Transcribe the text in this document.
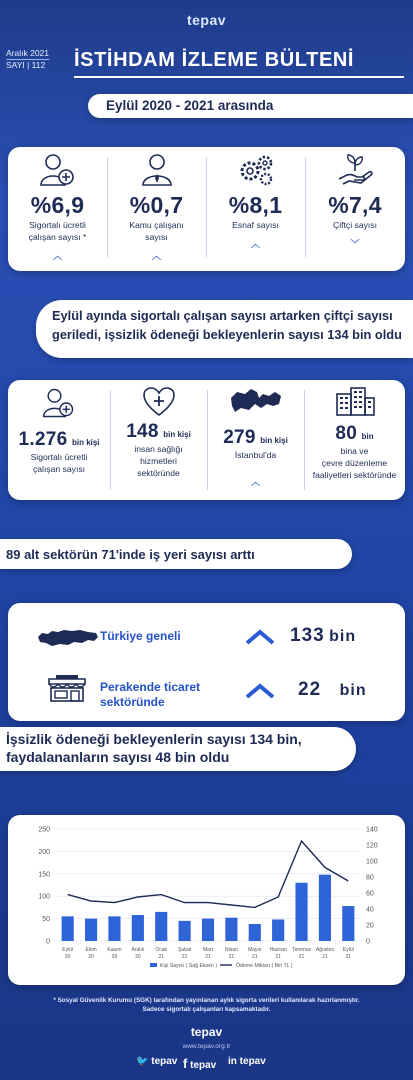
tepav
Aralık 2021
SAYI | 112 İSTİHDAM İZLEME BÜLTENİ
Eylül 2020 - 2021 arasında
%6,9
Sigortalı ücretli
çalışan sayısı *
︿
%0,7
Kamu çalışanı
sayısı
︿
%8,1
Esnaf sayısı
︿
%7,4
Çiftçi sayısı
﹀
Eylül ayında sigortalı çalışan sayısı artarken çiftçi sayısı
geriledi, işsizlik ödeneği bekleyenlerin sayısı 134 bin oldu
1.276 bin kişi
Sigortalı ücretli
çalışan sayısı
148 bin kişi
insan sağlığı
hizmetleri
sektöründe
279 bin kişi
İstanbul'da
︿
80 bin
bina ve
çevre düzenleme
faaliyetleri sektöründe
89 alt sektörün 71'inde iş yeri sayısı arttı
Türkiye geneli	133 bin
Perakende ticaret
sektöründe
22 bin
İşsizlik ödeneği bekleyenlerin sayısı 134 bin,
faydalananların sayısı 48 bin oldu
0
50
100
150
200
250
0
20
40
60
80
100
120
140
Eylül
20
Ekim
20
Kasım
20
Aralık
20
Ocak
21
Şubat
21
Mart
21
Nisan
21
Mayıs
21
Haziran
21
Temmuz
21
Ağustos
21
Eylül
21
Kişi Sayısı ( Sağ Eksen )	Ödeme Miktarı ( Bin TL )
* Sosyal Güvenlik Kurumu (SGK) tarafından yayınlanan aylık sigorta verileri kullanılarak hazırlanmıştır.
Sadece sigortalı çalışanları kapsamaktadır.
tepav
www.tepav.org.tr
🐦 tepav f tepav in tepav
